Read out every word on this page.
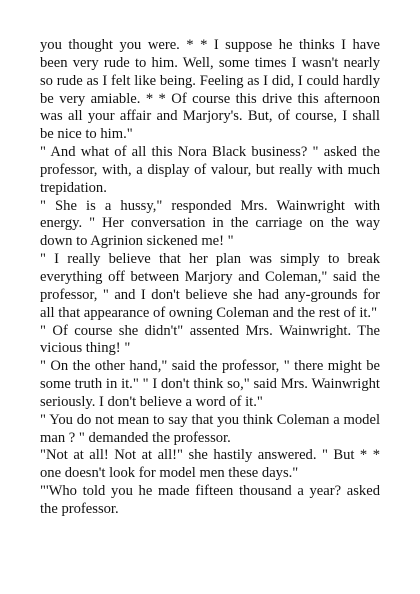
you thought you were. * * I suppose he thinks I have been very rude to him. Well, some times I wasn't nearly so rude as I felt like being. Feeling as I did, I could hardly be very amiable. * * Of course this drive this afternoon was all your affair and Marjory's. But, of course, I shall be nice to him."

" And what of all this Nora Black business? " asked the professor, with, a display of valour, but really with much trepidation.

" She is a hussy," responded Mrs. Wainwright with energy. " Her conversation in the carriage on the way down to Agrinion sickened me! "

" I really believe that her plan was simply to break everything off between Marjory and Coleman," said the professor, " and I don't believe she had any-grounds for all that appearance of owning Coleman and the rest of it."

" Of course she didn't" assented Mrs. Wainwright. The vicious thing! "

" On the other hand," said the professor, " there might be some truth in it." " I don't think so," said Mrs. Wainwright seriously. I don't believe a word of it."

" You do not mean to say that you think Coleman a model man ? " demanded the professor.

"Not at all! Not at all!" she hastily answered. " But * * one doesn't look for model men these days."

"'Who told you he made fifteen thousand a year? asked the professor.
